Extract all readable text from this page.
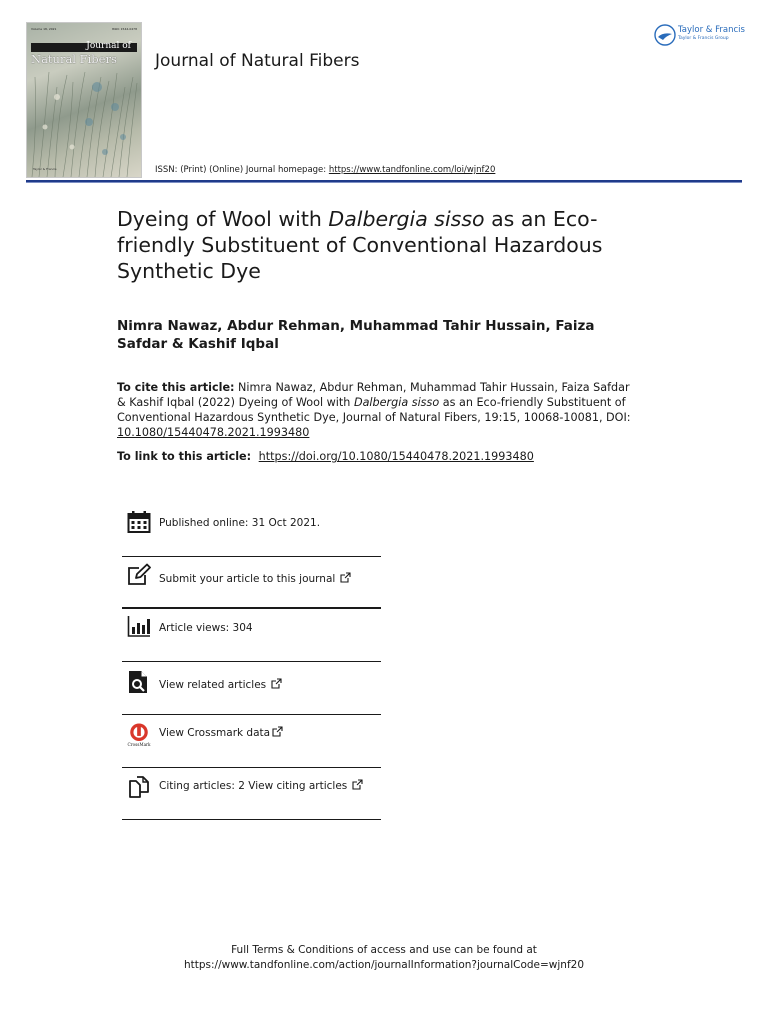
Volume 18, 2021	ISSN: 1544-0478
Journal of
Natural Fibers
Taylor & Francis
Journal of Natural Fibers
Taylor & Francis
Taylor & Francis Group
ISSN: (Print) (Online) Journal homepage: https://www.tandfonline.com/loi/wjnf20
Dyeing of Wool with Dalbergia sisso as an Eco-friendly Substituent of Conventional Hazardous Synthetic Dye
Nimra Nawaz, Abdur Rehman, Muhammad Tahir Hussain, Faiza Safdar & Kashif Iqbal
To cite this article: Nimra Nawaz, Abdur Rehman, Muhammad Tahir Hussain, Faiza Safdar & Kashif Iqbal (2022) Dyeing of Wool with Dalbergia sisso as an Eco-friendly Substituent of Conventional Hazardous Synthetic Dye, Journal of Natural Fibers, 19:15, 10068-10081, DOI: 10.1080/15440478.2021.1993480
To link to this article: https://doi.org/10.1080/15440478.2021.1993480
Published online: 31 Oct 2021.
Submit your article to this journal
Article views: 304
View related articles
CrossMark
View Crossmark data
Citing articles: 2 View citing articles
Full Terms & Conditions of access and use can be found at
https://www.tandfonline.com/action/journalInformation?journalCode=wjnf20
